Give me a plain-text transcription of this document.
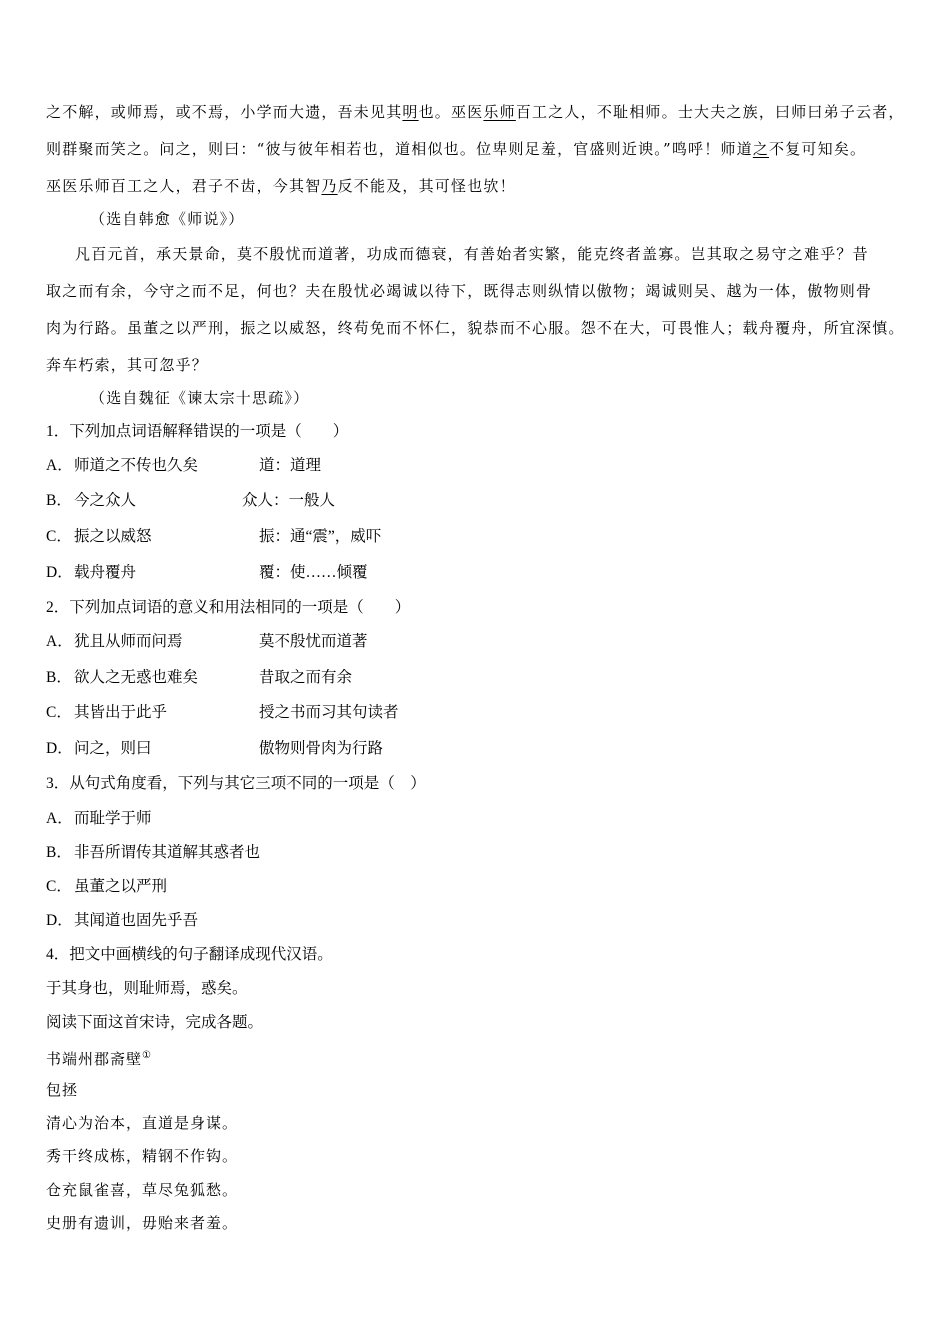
之不解，或师焉，或不焉，小学而大遗，吾未见其明也。巫医乐师百工之人，不耻相师。士大夫之族，曰师曰弟子云者，
则群聚而笑之。问之，则曰：“彼与彼年相若也，道相似也。位卑则足羞，官盛则近谀。”鸣呼！师道之不复可知矣。
巫医乐师百工之人，君子不齿，今其智乃反不能及，其可怪也欤！
（选自韩愈《师说》）
凡百元首，承天景命，莫不殷忧而道著，功成而德衰，有善始者实繁，能克终者盖寡。岂其取之易守之难乎？昔
取之而有余，今守之而不足，何也？夫在殷忧必竭诚以待下，既得志则纵情以傲物；竭诚则吴、越为一体，傲物则骨
肉为行路。虽董之以严刑，振之以威怒，终苟免而不怀仁，貌恭而不心服。怨不在大，可畏惟人；载舟覆舟，所宜深慎。
奔车朽索，其可忽乎？
（选自魏征《谏太宗十思疏》）
1．下列加点词语解释错误的一项是（　　）
A．师道之不传也久矣	道：道理
B． 今之众人	众人：一般人
C． 振之以威怒	振：通“震”，威吓
D．载舟覆舟	覆：使……倾覆
2．下列加点词语的意义和用法相同的一项是（　　）
A．犹且从师而问焉	莫不殷忧而道著
B． 欲人之无惑也难矣	昔取之而有余
C． 其皆出于此乎	授之书而习其句读者
D．问之，则曰	傲物则骨肉为行路
3．从句式角度看，下列与其它三项不同的一项是（　）
A．而耻学于师
B． 非吾所谓传其道解其惑者也
C． 虽董之以严刑
D．其闻道也固先乎吾
4．把文中画横线的句子翻译成现代汉语。
于其身也，则耻师焉，惑矣。
阅读下面这首宋诗，完成各题。
书端州郡斋壁①
包拯
清心为治本，直道是身谋。
秀干终成栋，精钢不作钩。
仓充鼠雀喜，草尽兔狐愁。
史册有遗训，毋贻来者羞。
